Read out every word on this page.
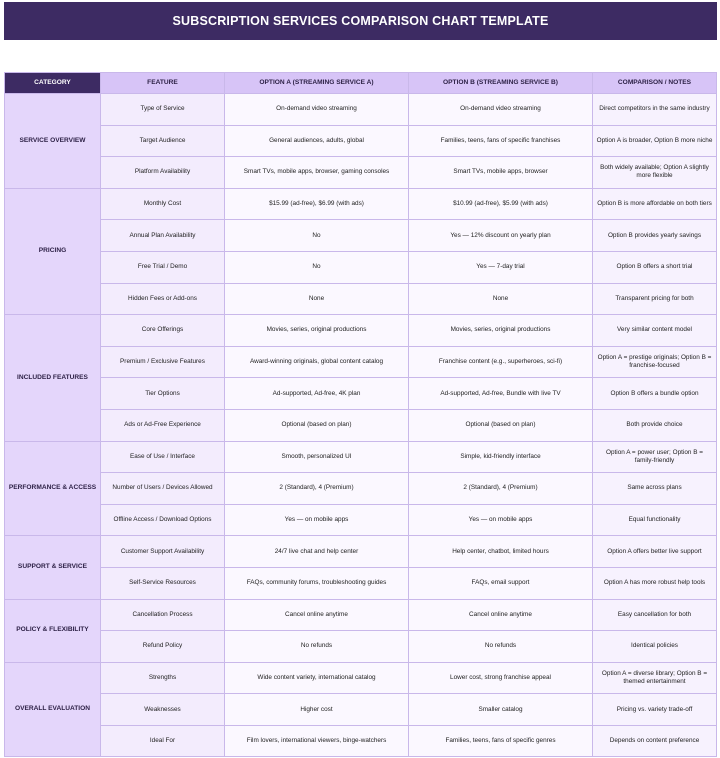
SUBSCRIPTION SERVICES COMPARISON CHART TEMPLATE
CATEGORY	FEATURE	OPTION A (STREAMING SERVICE A)	OPTION B (STREAMING SERVICE B)	COMPARISON / NOTES
SERVICE OVERVIEW	Type of Service	On-demand video streaming	On-demand video streaming	Direct competitors in the same industry
	Target Audience	General audiences, adults, global	Families, teens, fans of specific franchises	Option A is broader, Option B more niche
	Platform Availability	Smart TVs, mobile apps, browser, gaming consoles	Smart TVs, mobile apps, browser	Both widely available; Option A slightly more flexible
PRICING	Monthly Cost	$15.99 (ad-free), $6.99 (with ads)	$10.99 (ad-free), $5.99 (with ads)	Option B is more affordable on both tiers
	Annual Plan Availability	No	Yes — 12% discount on yearly plan	Option B provides yearly savings
	Free Trial / Demo	No	Yes — 7-day trial	Option B offers a short trial
	Hidden Fees or Add-ons	None	None	Transparent pricing for both
INCLUDED FEATURES	Core Offerings	Movies, series, original productions	Movies, series, original productions	Very similar content model
	Premium / Exclusive Features	Award-winning originals, global content catalog	Franchise content (e.g., superheroes, sci-fi)	Option A = prestige originals; Option B = franchise-focused
	Tier Options	Ad-supported, Ad-free, 4K plan	Ad-supported, Ad-free, Bundle with live TV	Option B offers a bundle option
	Ads or Ad-Free Experience	Optional (based on plan)	Optional (based on plan)	Both provide choice
PERFORMANCE & ACCESS	Ease of Use / Interface	Smooth, personalized UI	Simple, kid-friendly interface	Option A = power user; Option B = family-friendly
	Number of Users / Devices Allowed	2 (Standard), 4 (Premium)	2 (Standard), 4 (Premium)	Same across plans
	Offline Access / Download Options	Yes — on mobile apps	Yes — on mobile apps	Equal functionality
SUPPORT & SERVICE	Customer Support Availability	24/7 live chat and help center	Help center, chatbot, limited hours	Option A offers better live support
	Self-Service Resources	FAQs, community forums, troubleshooting guides	FAQs, email support	Option A has more robust help tools
POLICY & FLEXIBILITY	Cancellation Process	Cancel online anytime	Cancel online anytime	Easy cancellation for both
	Refund Policy	No refunds	No refunds	Identical policies
OVERALL EVALUATION	Strengths	Wide content variety, international catalog	Lower cost, strong franchise appeal	Option A = diverse library; Option B = themed entertainment
	Weaknesses	Higher cost	Smaller catalog	Pricing vs. variety trade-off
	Ideal For	Film lovers, international viewers, binge-watchers	Families, teens, fans of specific genres	Depends on content preference
